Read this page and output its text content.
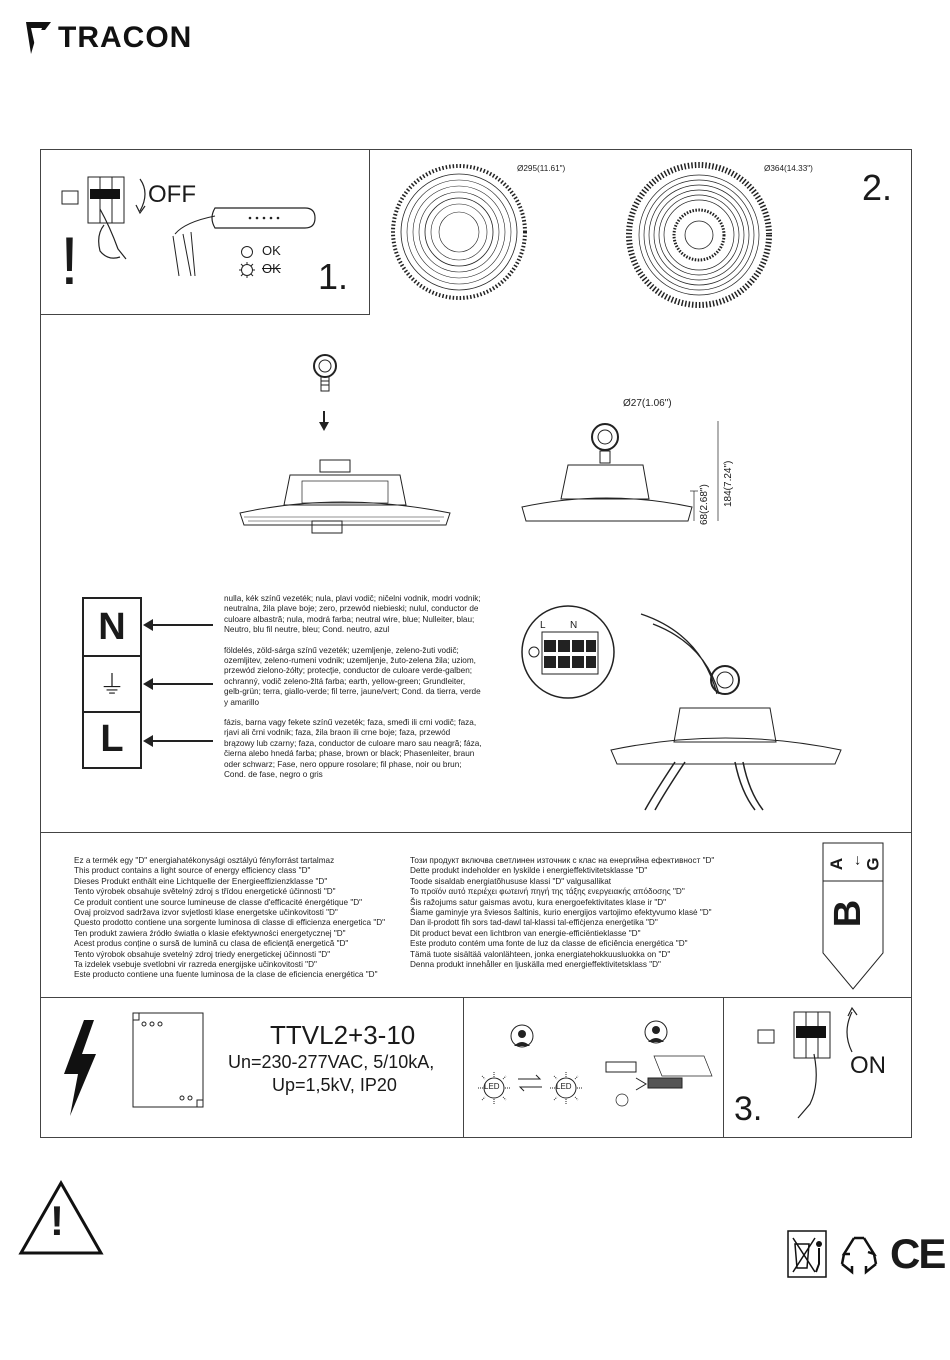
TRACON
OFF
OK
OK
!	1.
Ø295(11.61")	Ø364(14.33") 2.
Ø27(1.06")
68(2.68") 184(7.24")
N
⏚
L

nulla, kék színű vezeték; nula, plavi vodič; ničelni vodnik, modri vodnik; neutralna, žila plave boje; zero, przewód niebieski; nulul, conductor de culoare albastră; nula, modrá farba; neutral wire, blue; Nulleiter, blau; Neutro, blu fil neutre, bleu; Cond. neutro, azul

földelés, zöld-sárga színű vezeték; uzemljenje, zeleno-žuti vodič; ozemljitev, zeleno-rumeni vodnik; uzemljenje, žuto-zelena žila; uziom, przewód zielono-żółty; protecţie, conductor de culoare verde-galben; ochranný, vodič zeleno-žltá farba; earth, yellow-green; Grundleiter, gelb-grün; terra, giallo-verde; fil terre, jaune/vert; Cond. da tierra, verde y amarillo

fázis, barna vagy fekete színű vezeték; faza, smeđi ili crni vodič; faza, rjavi ali črni vodnik; faza, žila braon ili crne boje; faza, przewód brązowy lub czarny; faza, conductor de culoare maro sau neagră; fáza, čierna alebo hnedá farba; phase, brown or black; Phasenleiter, braun oder schwarz; Fase, nero oppure rosolare; fil phase, noir ou brun; Cond. de fase, negro o gris

L N
Ez a termék egy "D" energiahatékonysági osztályú fényforrást tartalmaz
This product contains a light source of energy efficiency class "D"
Dieses Produkt enthält eine Lichtquelle der Energieeffizienzklasse "D"
Tento výrobek obsahuje světelný zdroj s třídou energetické účinnosti "D"
Ce produit contient une source lumineuse de classe d'efficacité énergétique "D"
Ovaj proizvod sadržava izvor svjetlosti klase energetske učinkovitosti "D"
Questo prodotto contiene una sorgente luminosa di classe di efficienza energetica "D"
Ten produkt zawiera źródło światła o klasie efektywności energetycznej "D"
Acest produs conține o sursă de lumină cu clasa de eficiență energetică "D"
Tento výrobok obsahuje svetelný zdroj triedy energetickej účinnosti "D"
Ta izdelek vsebuje svetlobni vir razreda energijske učinkovitosti "D"
Este producto contiene una fuente luminosa de la clase de eficiencia energética "D"
Този продукт включва светлинен източник с клас на енергийна ефективност "D"
Dette produkt indeholder en lyskilde i energieffektivitetsklasse "D"
Toode sisaldab energiatõhususe klassi "D" valgusallikat
Το προϊόν αυτό περιέχει φωτεινή πηγή της τάξης ενεργειακής απόδοσης "D"
Šis ražojums satur gaismas avotu, kura energoefektivitates klase ir "D"
Šiame gaminyje yra šviesos šaltinis, kurio energijos vartojimo efektyvumo klasė "D"
Dan il-prodott fih sors tad-dawl tal-klassi tal-effiċjenza enerġetika "D"
Dit product bevat een lichtbron van energie-efficiëntieklasse "D"
Este produto contém uma fonte de luz da classe de eficiência energética "D"
Tämä tuote sisältää valonlähteen, jonka energiatehokkuusluokka on "D"
Denna produkt innehåller en ljuskälla med energieffektivitetsklass "D"
A ← G
B
TTVL2+3-10
Un=230-277VAC, 5/10kA,
Up=1,5kV, IP20	LED	LED
ON
3.
!
CE
